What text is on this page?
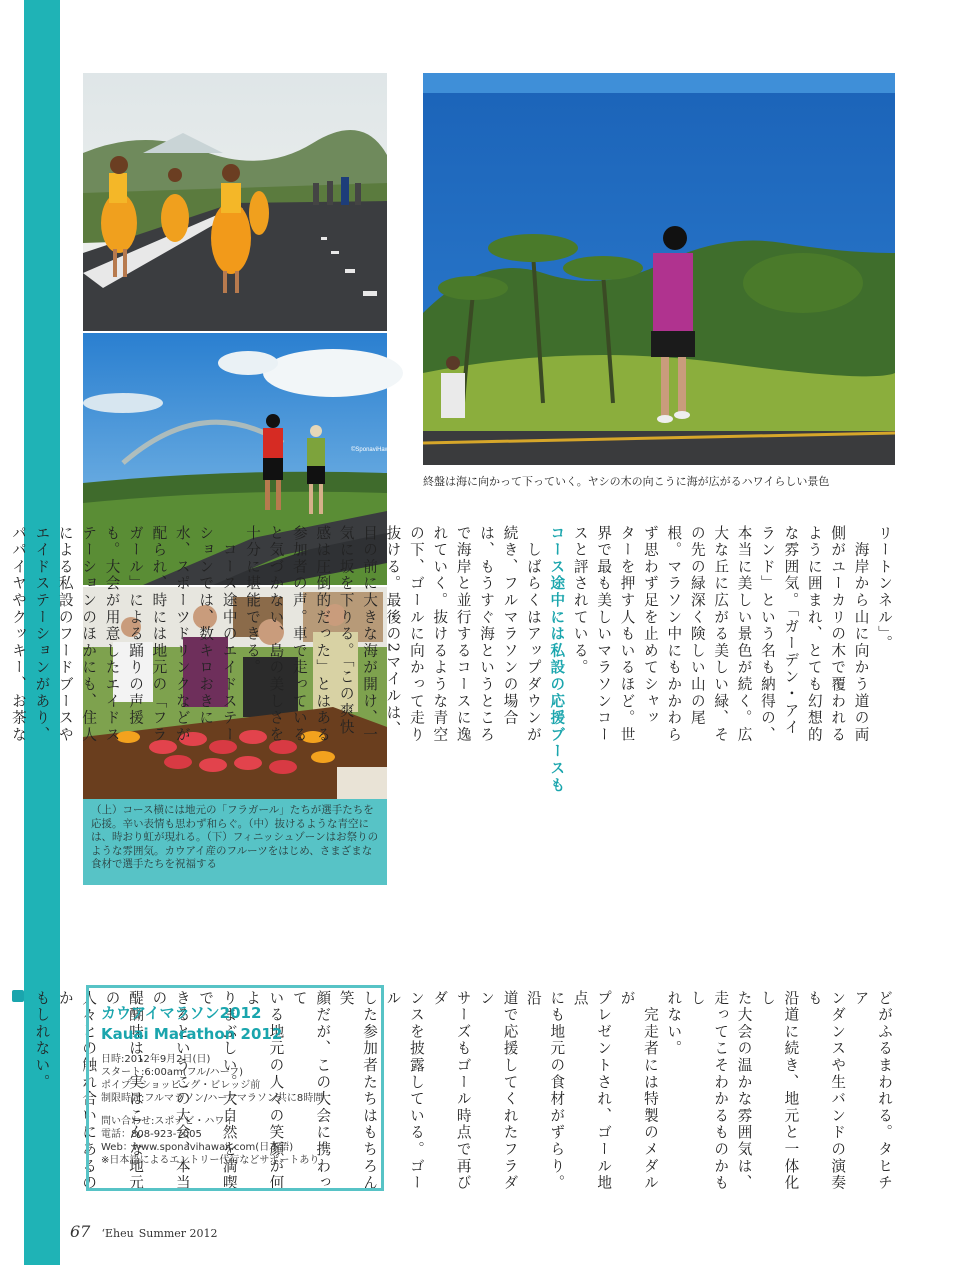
©SponaviHawaii
（上）コース横には地元の「フラガール」たちが選手たちを応援。辛い表情も思わず和らぐ。（中）抜けるような青空には、時おり虹が現れる。（下）フィニッシュゾーンはお祭りのような雰囲気。カウアイ産のフルーツをはじめ、さまざまな食材で選手たちを祝福する
終盤は海に向かって下っていく。ヤシの木の向こうに海が広がるハワイらしい景色
リートンネル」。
　海岸から山に向かう道の両
側がユーカリの木で覆われる
ように囲まれ、とても幻想的
な雰囲気。「ガーデン・アイ
ランド」という名も納得の、
本当に美しい景色が続く。広
大な丘に広がる美しい緑、そ
の先の緑深く険しい山の尾
根。マラソン中にもかかわら
ず思わず足を止めてシャッ
ターを押す人もいるほど。世
界で最も美しいマラソンコー
スと評されている。
コース途中には私設の応援ブースも
　しばらくはアップダウンが
続き、フルマラソンの場合
は、もうすぐ海というところ
で海岸と並行するコースに逸
れていく。抜けるような青空
の下、ゴールに向かって走り
抜ける。最後の2マイルは、
目の前に大きな海が開け、一
気に坂を下りる。「この爽快
感は圧倒的だった」とはある
参加者の声。車で走っている
と気づかない、島の美しさを
十分に堪能できる。
　コース途中のエイドステー
ションでは、数キロおきに
水、スポーツドリンクなどが
配られ、時には地元の「フラ
ガール」による踊りの声援
も。大会が用意したエイドス
テーションのほかにも、住人
による私設のフードブースや
エイドステーションがあり、
パパイヤやクッキー、お茶な
どがふるまわれる。タヒチア
ンダンスや生バンドの演奏も
沿道に続き、地元と一体化し
た大会の温かな雰囲気は、
走ってこそわかるものかもし
れない。
　完走者には特製のメダルが
プレゼントされ、ゴール地点
にも地元の食材がずらり。沿
道で応援してくれたフラダン
サーズもゴール時点で再びダ
ンスを披露している。ゴール
した参加者たちはもちろん笑
顔だが、この大会に携わって
いる地元の人々の笑顔が何よ
りまぶしい。大自然を満喫で
きるというこの大会、本当の
醍醐味は、実はこんな地元の
人々との触れ合いにあるのか
もしれない。	カウアイマラソン2012
Kauai Marathon 2012
日時:2012年9月2日(日)
スタート:6:00am(フル/ハーフ)
ポイプ・ショッピング・ビレッジ前
制限時間:フルマラソン/ハーフマラソン共に8時間
問い合わせ:スポナビ・ハワイ
電話：808-923-7005
Web：www.sponavihawaii.com(日本語)
※日本語によるエントリー代行などサポートあり
67 ‘Eheu Summer 2012
